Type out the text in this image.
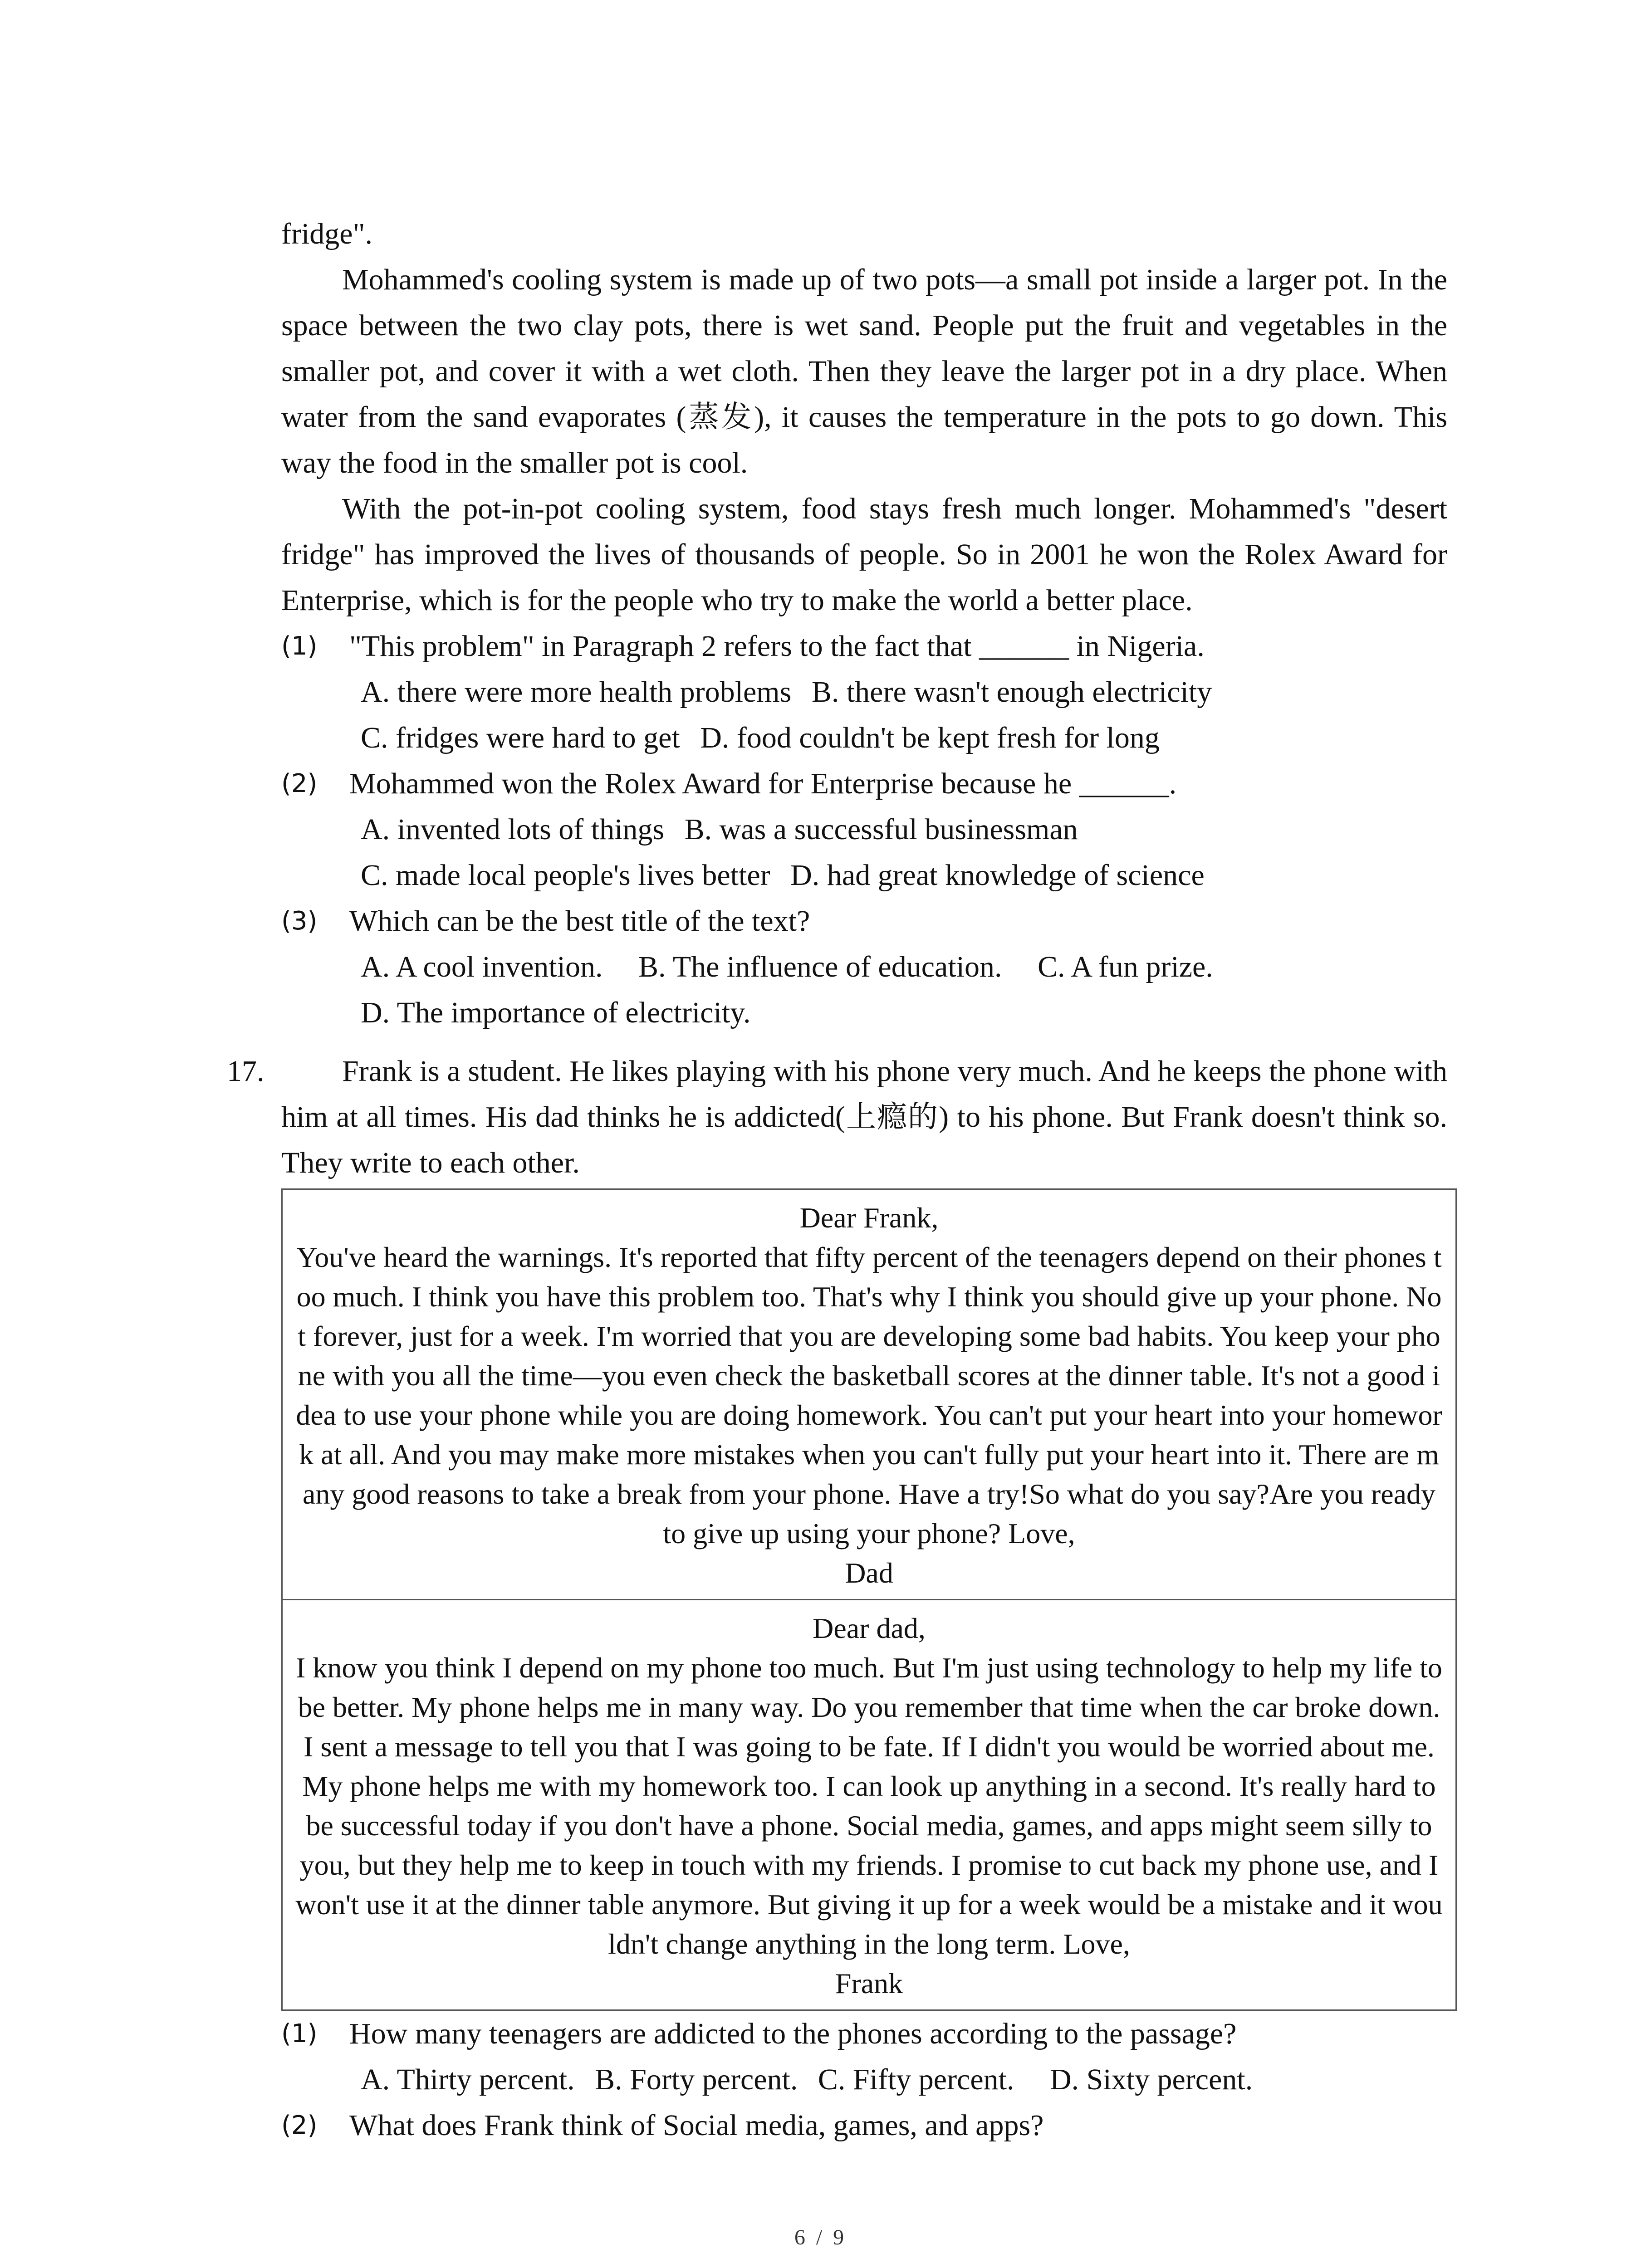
fridge".

Mohammed's cooling system is made up of two pots—a small pot inside a larger pot. In the space between the two clay pots, there is wet sand. People put the fruit and vegetables in the smaller pot, and cover it with a wet cloth. Then they leave the larger pot in a dry place. When water from the sand evaporates (蒸发), it causes the temperature in the pots to go down. This way the food in the smaller pot is cool.

With the pot-in-pot cooling system, food stays fresh much longer. Mohammed's "desert fridge" has improved the lives of thousands of people. So in 2001 he won the Rolex Award for Enterprise, which is for the people who try to make the world a better place.

(1)	"This problem" in Paragraph 2 refers to the fact that ______ in Nigeria.
A. there were more health problems B. there wasn't enough electricity
C. fridges were hard to get D. food couldn't be kept fresh for long
(2)	Mohammed won the Rolex Award for Enterprise because he ______.
A. invented lots of things B. was a successful businessman
C. made local people's lives better D. had great knowledge of science
(3)	Which can be the best title of the text?
A. A cool invention. B. The influence of education. C. A fun prize.
D. The importance of electricity.
17.	Frank is a student. He likes playing with his phone very much. And he keeps the phone with him at all times. His dad thinks he is addicted(上瘾的) to his phone. But Frank doesn't think so. They write to each other.

Dear Frank,
You've heard the warnings. It's reported that fifty percent of the teenagers depend on their phones too much. I think you have this problem too. That's why I think you should give up your phone. Not forever, just for a week. I'm worried that you are developing some bad habits. You keep your phone with you all the time—you even check the basketball scores at the dinner table. It's not a good idea to use your phone while you are doing homework. You can't put your heart into your homework at all. And you may make more mistakes when you can't fully put your heart into it. There are many good reasons to take a break from your phone. Have a try!So what do you say?Are you ready to give up using your phone? Love,
Dad
Dear dad,
I know you think I depend on my phone too much. But I'm just using technology to help my life to be better. My phone helps me in many way. Do you remember that time when the car broke down. I sent a message to tell you that I was going to be fate. If I didn't you would be worried about me. My phone helps me with my homework too. I can look up anything in a second. It's really hard to be successful today if you don't have a phone. Social media, games, and apps might seem silly to you, but they help me to keep in touch with my friends. I promise to cut back my phone use, and I won't use it at the dinner table anymore. But giving it up for a week would be a mistake and it wouldn't change anything in the long term. Love,
Frank
(1)	How many teenagers are addicted to the phones according to the passage?
A. Thirty percent. B. Forty percent. C. Fifty percent. D. Sixty percent.
(2)	What does Frank think of Social media, games, and apps?
6 / 9
